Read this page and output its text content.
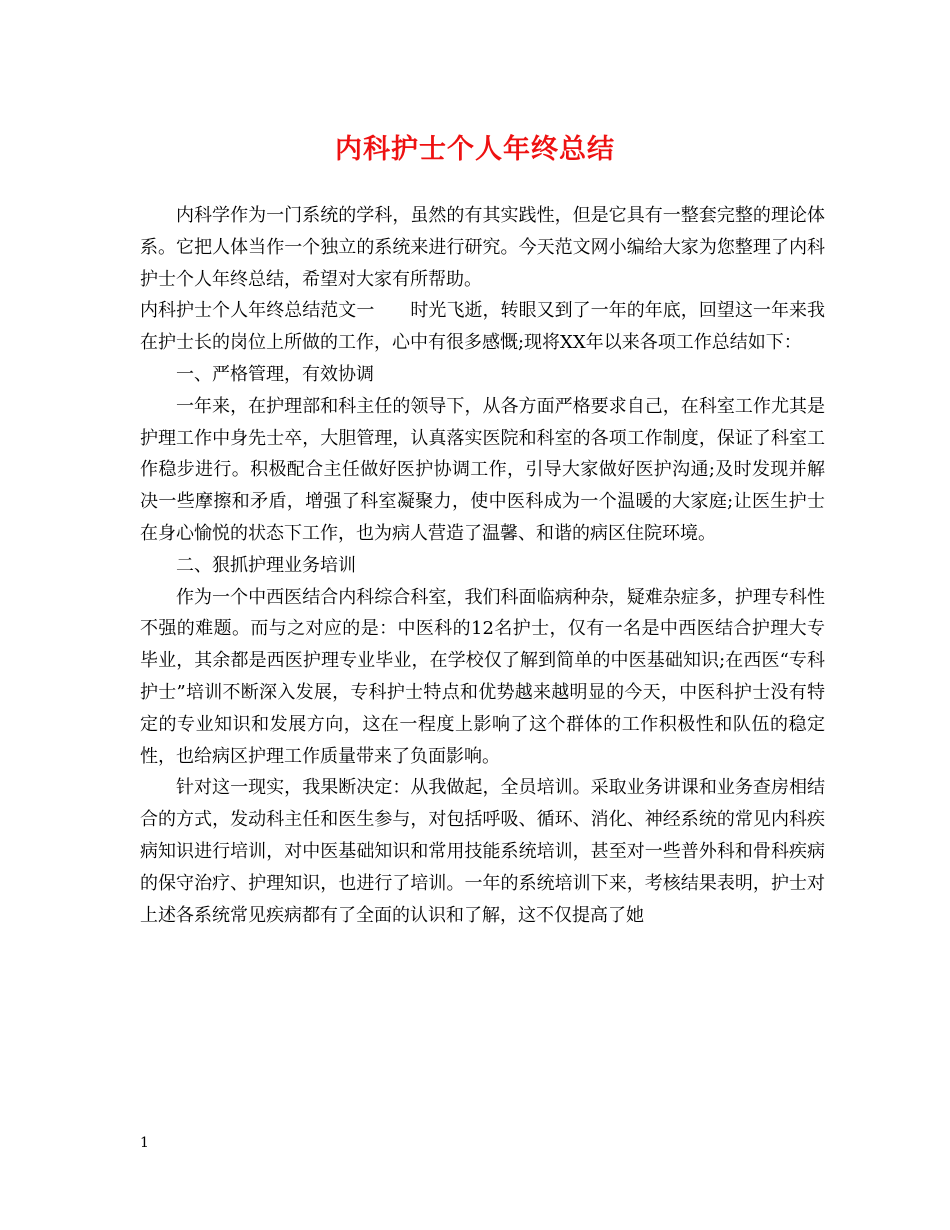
内科护士个人年终总结

内科学作为一门系统的学科，虽然的有其实践性，但是它具有一整套完整的理论体系。它把人体当作一个独立的系统来进行研究。今天范文网小编给大家为您整理了内科护士个人年终总结，希望对大家有所帮助。

内科护士个人年终总结范文一　　时光飞逝，转眼又到了一年的年底，回望这一年来我在护士长的岗位上所做的工作，心中有很多感慨;现将XX年以来各项工作总结如下：

一、严格管理，有效协调

一年来，在护理部和科主任的领导下，从各方面严格要求自己，在科室工作尤其是护理工作中身先士卒，大胆管理，认真落实医院和科室的各项工作制度，保证了科室工作稳步进行。积极配合主任做好医护协调工作，引导大家做好医护沟通;及时发现并解决一些摩擦和矛盾，增强了科室凝聚力，使中医科成为一个温暖的大家庭;让医生护士在身心愉悦的状态下工作，也为病人营造了温馨、和谐的病区住院环境。

二、狠抓护理业务培训

作为一个中西医结合内科综合科室，我们科面临病种杂，疑难杂症多，护理专科性不强的难题。而与之对应的是：中医科的12名护士，仅有一名是中西医结合护理大专毕业，其余都是西医护理专业毕业，在学校仅了解到简单的中医基础知识;在西医“专科护士”培训不断深入发展，专科护士特点和优势越来越明显的今天，中医科护士没有特定的专业知识和发展方向，这在一程度上影响了这个群体的工作积极性和队伍的稳定性，也给病区护理工作质量带来了负面影响。

针对这一现实，我果断决定：从我做起，全员培训。采取业务讲课和业务查房相结合的方式，发动科主任和医生参与，对包括呼吸、循环、消化、神经系统的常见内科疾病知识进行培训，对中医基础知识和常用技能系统培训，甚至对一些普外科和骨科疾病的保守治疗、护理知识，也进行了培训。一年的系统培训下来，考核结果表明，护士对上述各系统常见疾病都有了全面的认识和了解，这不仅提高了她

1
